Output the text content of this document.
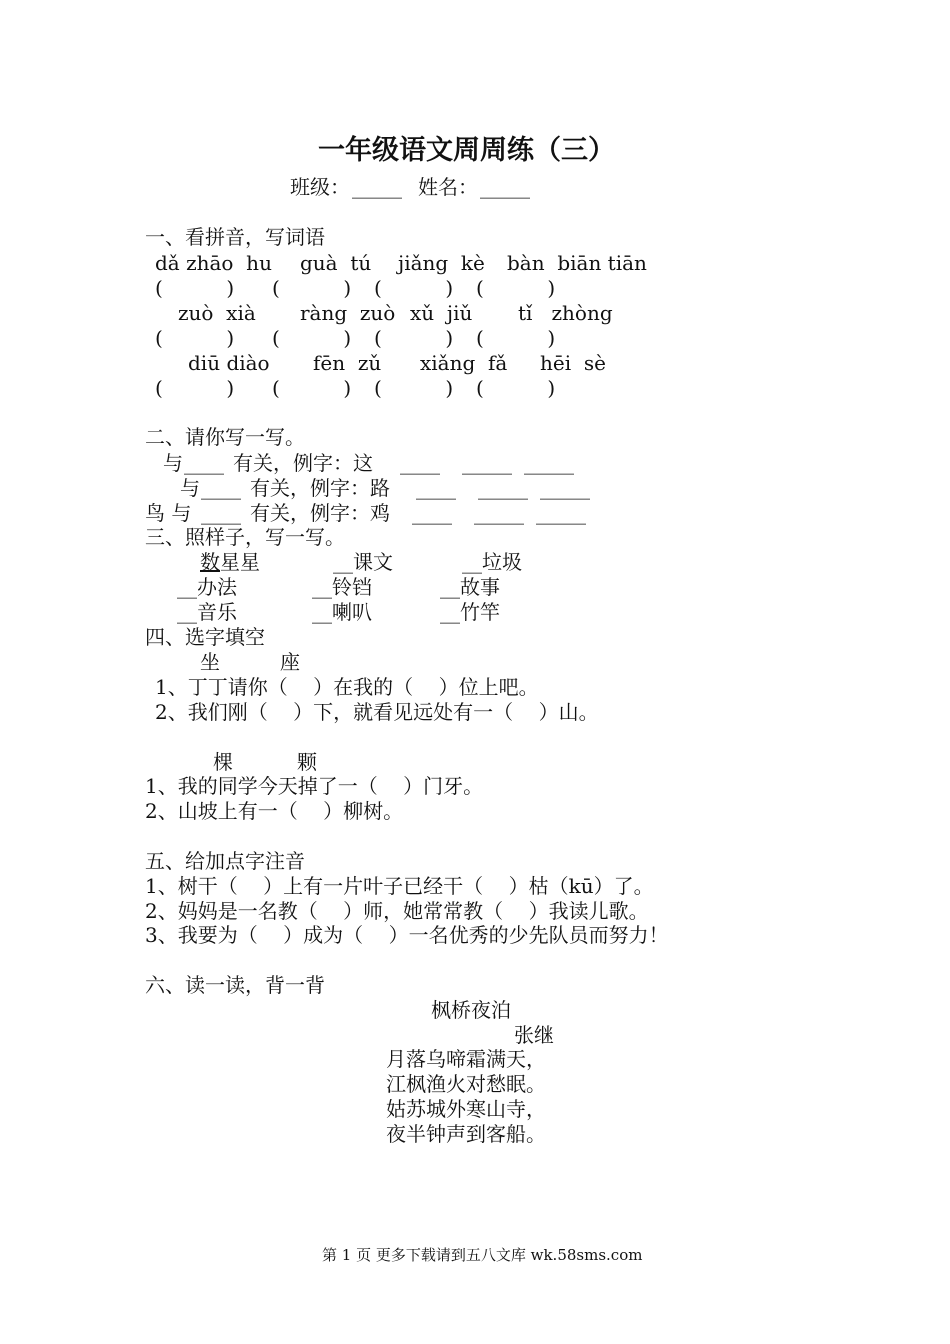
一年级语文周周练（三）
班级： _____ 姓名： _____
一、看拼音，写词语
dǎ zhāo  hu guà  tú jiǎng  kè bàn  biān tiān
(          ) (          ) (          ) (          )
zuò  xià ràng  zuò xǔ  jiǔ tǐ   zhòng
(          ) (          ) (          ) (          )
diū diào fēn  zǔ xiǎng  fǎ hēi  sè
(          ) (          ) (          ) (          )
二、请你写一写。
与 ____ 有关，例字：这 ____ _____ _____
与 ____ 有关，例字：路 ____ _____ _____
鸟 与 ____ 有关，例字：鸡 ____ _____ _____
三、照样子，写一写。
数星星	__课文	__垃圾
__办法	__铃铛	__故事
__音乐	__喇叭	__竹竿
四、选字填空
坐	座
1、丁丁请你（    ）在我的（    ）位上吧。
2、我们刚（    ）下，就看见远处有一（    ）山。
棵	颗
1、我的同学今天掉了一（    ）门牙。
2、山坡上有一（    ）柳树。
五、给加点字注音
1、树干（    ）上有一片叶子已经干（    ）枯（kū）了。
2、妈妈是一名教（    ）师，她常常教（    ）我读儿歌。
3、我要为（    ）成为（    ）一名优秀的少先队员而努力！
六、读一读，背一背
枫桥夜泊
张继
月落乌啼霜满天，
江枫渔火对愁眠。
姑苏城外寒山寺，
夜半钟声到客船。
第 1 页 更多下载请到五八文库 wk.58sms.com
